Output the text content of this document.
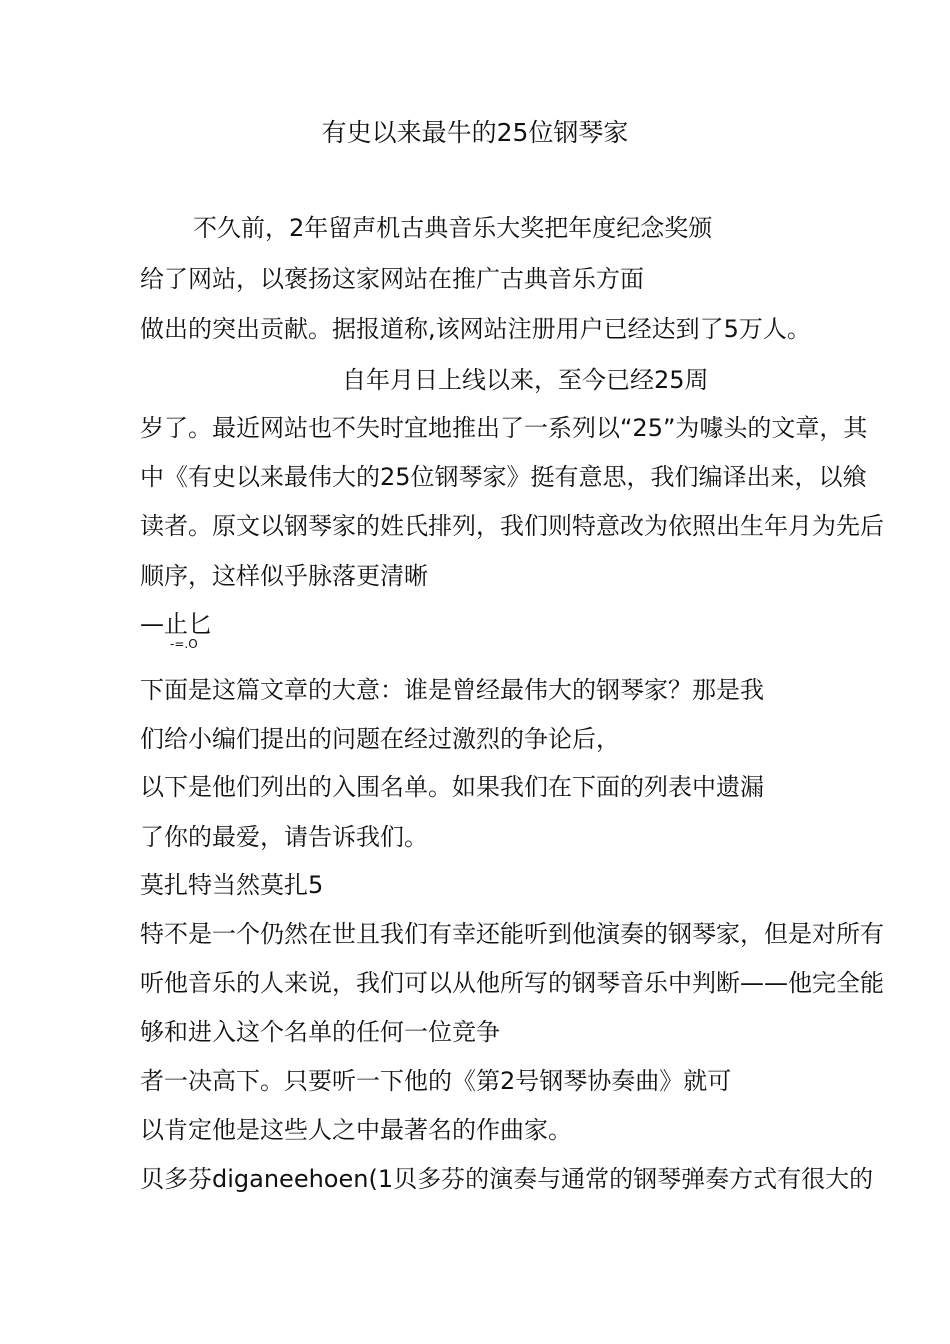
有史以来最牛的25位钢琴家
不久前，2年留声机古典音乐大奖把年度纪念奖颁
给了网站，以褒扬这家网站在推广古典音乐方面
做出的突出贡献。据报道称,该网站注册用户已经达到了5万人。
自年月日上线以来，至今已经25周
岁了。最近网站也不失时宜地推出了一系列以“25”为噱头的文章，其
中《有史以来最伟大的25位钢琴家》挺有意思，我们编译出来，以飨
读者。原文以钢琴家的姓氏排列，我们则特意改为依照出生年月为先后
顺序，这样似乎脉落更清晰
—止匕
-=.O
下面是这篇文章的大意：谁是曾经最伟大的钢琴家？那是我
们给小编们提出的问题在经过激烈的争论后，
以下是他们列出的入围名单。如果我们在下面的列表中遗漏
了你的最爱，请告诉我们。
莫扎特当然莫扎5
特不是一个仍然在世且我们有幸还能听到他演奏的钢琴家，但是对所有
听他音乐的人来说，我们可以从他所写的钢琴音乐中判断——他完全能
够和进入这个名单的任何一位竞争
者一决高下。只要听一下他的《第2号钢琴协奏曲》就可
以肯定他是这些人之中最著名的作曲家。
贝多芬diganeehoen(1贝多芬的演奏与通常的钢琴弹奏方式有很大的
